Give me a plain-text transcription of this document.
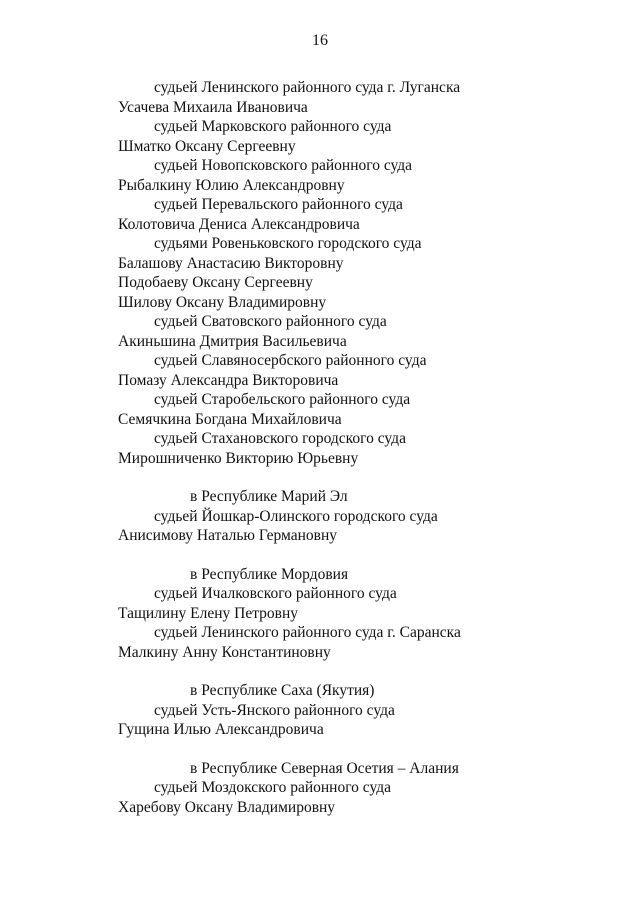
16
судьей Ленинского районного суда г. Луганска
Усачева Михаила Ивановича
судьей Марковского районного суда
Шматко Оксану Сергеевну
судьей Новопсковского районного суда
Рыбалкину Юлию Александровну
судьей Перевальского районного суда
Колотовича Дениса Александровича
судьями Ровеньковского городского суда
Балашову Анастасию Викторовну
Подобаеву Оксану Сергеевну
Шилову Оксану Владимировну
судьей Сватовского районного суда
Акиньшина Дмитрия Васильевича
судьей Славяносербского районного суда
Помазу Александра Викторовича
судьей Старобельского районного суда
Семячкина Богдана Михайловича
судьей Стахановского городского суда
Мирошниченко Викторию Юрьевну
в Республике Марий Эл
судьей Йошкар-Олинского городского суда
Анисимову Наталью Германовну
в Республике Мордовия
судьей Ичалковского районного суда
Тащилину Елену Петровну
судьей Ленинского районного суда г. Саранска
Малкину Анну Константиновну
в Республике Саха (Якутия)
судьей Усть-Янского районного суда
Гущина Илью Александровича
в Республике Северная Осетия – Алания
судьей Моздокского районного суда
Харебову Оксану Владимировну
